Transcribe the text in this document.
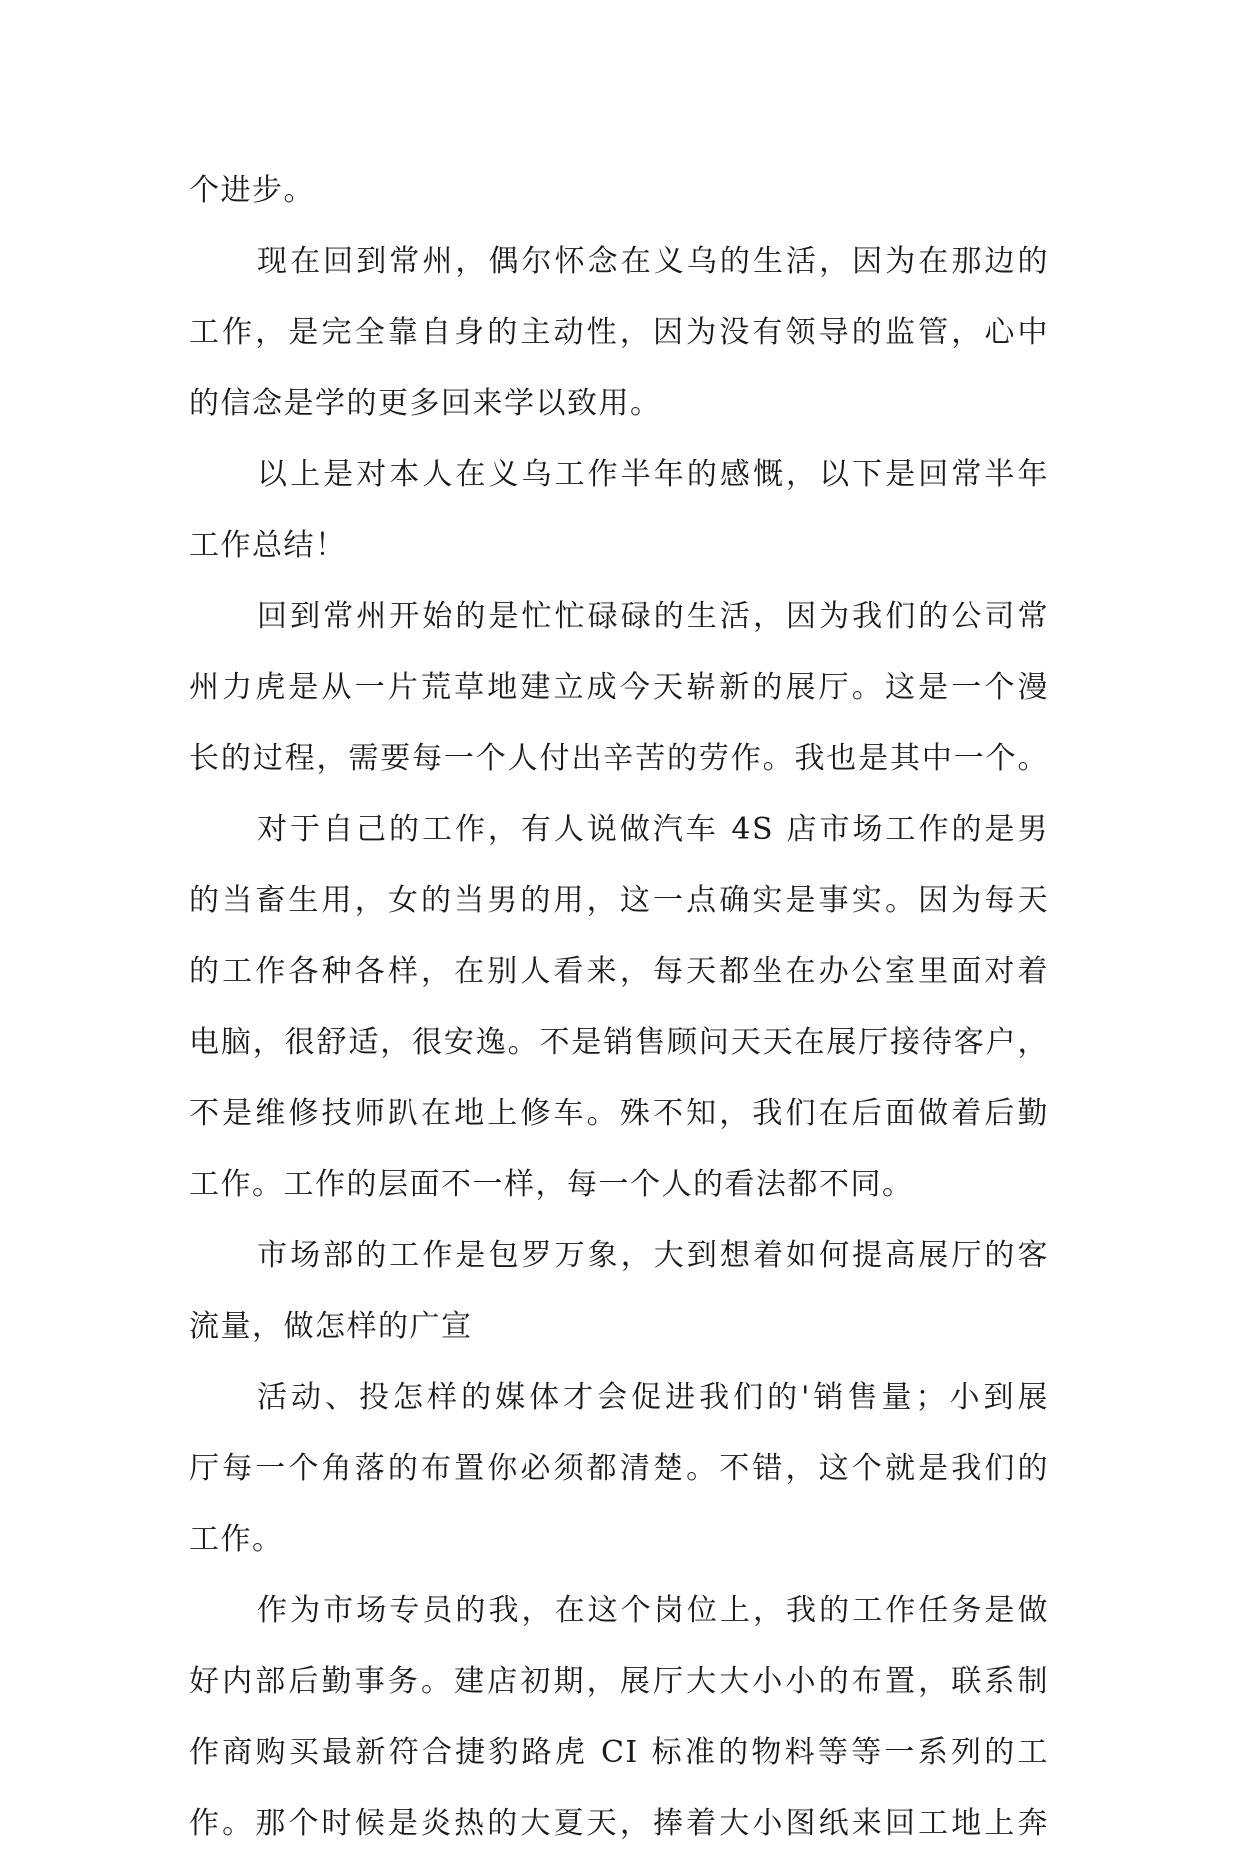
个进步。
现在回到常州，偶尔怀念在义乌的生活，因为在那边的
工作，是完全靠自身的主动性，因为没有领导的监管，心中
的信念是学的更多回来学以致用。
以上是对本人在义乌工作半年的感慨，以下是回常半年
工作总结！
回到常州开始的是忙忙碌碌的生活，因为我们的公司常
州力虎是从一片荒草地建立成今天崭新的展厅。这是一个漫
长的过程，需要每一个人付出辛苦的劳作。我也是其中一个。
对于自己的工作，有人说做汽车 4S 店市场工作的是男
的当畜生用，女的当男的用，这一点确实是事实。因为每天
的工作各种各样，在别人看来，每天都坐在办公室里面对着
电脑，很舒适，很安逸。不是销售顾问天天在展厅接待客户，
不是维修技师趴在地上修车。殊不知，我们在后面做着后勤
工作。工作的层面不一样，每一个人的看法都不同。
市场部的工作是包罗万象，大到想着如何提高展厅的客
流量，做怎样的广宣
活动、投怎样的媒体才会促进我们的'销售量；小到展
厅每一个角落的布置你必须都清楚。不错，这个就是我们的
工作。
作为市场专员的我，在这个岗位上，我的工作任务是做
好内部后勤事务。建店初期，展厅大大小小的布置，联系制
作商购买最新符合捷豹路虎 CI 标准的物料等等一系列的工
作。那个时候是炎热的大夏天，捧着大小图纸来回工地上奔
